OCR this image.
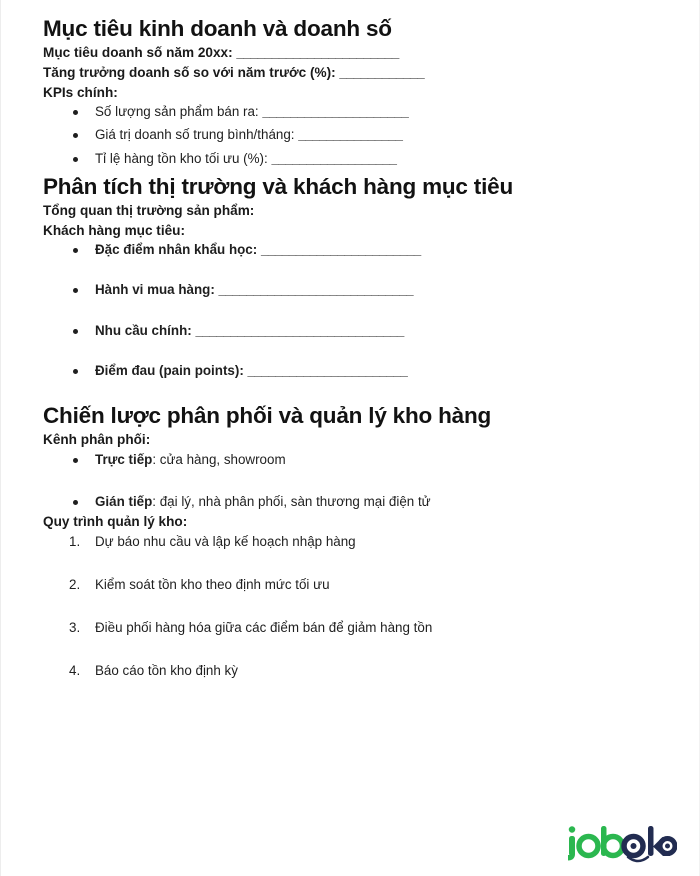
Mục tiêu kinh doanh và doanh số

Mục tiêu doanh số năm 20xx: _______________________

Tăng trưởng doanh số so với năm trước (%): ____________

KPIs chính:

Số lượng sản phẩm bán ra: _____________________
Giá trị doanh số trung bình/tháng: _______________
Tỉ lệ hàng tồn kho tối ưu (%): __________________
Phân tích thị trường và khách hàng mục tiêu

Tổng quan thị trường sản phẩm:

Khách hàng mục tiêu:

Đặc điểm nhân khẩu học: _______________________
Hành vi mua hàng: ____________________________
Nhu cầu chính: ______________________________
Điểm đau (pain points): _______________________
Chiến lược phân phối và quản lý kho hàng

Kênh phân phối:

Trực tiếp: cửa hàng, showroom
Gián tiếp: đại lý, nhà phân phối, sàn thương mại điện tử

Quy trình quản lý kho:

Dự báo nhu cầu và lập kế hoạch nhập hàng
Kiểm soát tồn kho theo định mức tối ưu
Điều phối hàng hóa giữa các điểm bán để giảm hàng tồn
Báo cáo tồn kho định kỳ
